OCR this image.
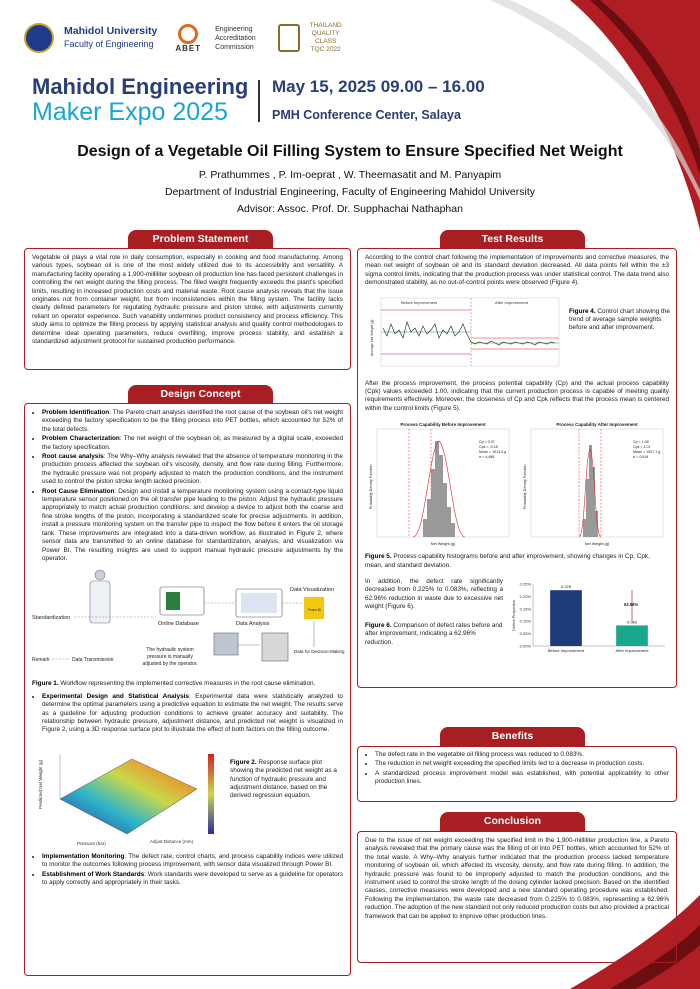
Mahidol University
Faculty of Engineering	ABET
Engineering
Accreditation
Commission
THAILAND
QUALITY
CLASS
TQC 2022
Mahidol Engineering
Maker Expo 2025
May 15, 2025 09.00 – 16.00
PMH Conference Center, Salaya
Design of a Vegetable Oil Filling System to Ensure Specified Net Weight
P. Prathummes , P. Im-oeprat , W. Theemasatit and M. Panyapim
Department of Industrial Engineering, Faculty of Engineering Mahidol University
Advisor: Assoc. Prof. Dr. Supphachai Nathaphan
Problem Statement
Vegetable oil plays a vital role in daily consumption, especially in cooking and food manufacturing. Among various types, soybean oil is one of the most widely utilized due to its accessibility and versatility. A manufacturing facility operating a 1,900-milliliter soybean oil production line has faced persistent challenges in controlling the net weight during the filling process. The filled weight frequently exceeds the plant's specified limits, resulting in increased production costs and material waste. Root cause analysis reveals that the issue originates not from container weight, but from inconsistencies within the filling system. The facility lacks clearly defined parameters for regulating hydraulic pressure and piston stroke, with adjustments currently reliant on operator experience. Such variability undermines product consistency and process efficiency. This study aims to optimize the filling process by applying statistical analysis and quality control methodologies to determine ideal operating parameters, reduce overfilling, improve process stability, and establish a standardized adjustment protocol for sustained production performance.
Design Concept
• Problem Identification: The Pareto chart analysis identified the root cause of the soybean oil's net weight exceeding the factory specification to be the filling process into PET bottles, which accounted for 52% of the total defects.
• Problem Characterization: The net weight of the soybean oil, as measured by a digital scale, exceeded the factory specification.
• Root cause analysis: The Why–Why analysis revealed that the absence of temperature monitoring in the production process affected the soybean oil's viscosity, density, and flow rate during filling. Furthermore, the hydraulic pressure was not properly adjusted to match the production conditions, and the instrument used to control the piston stroke length lacked precision.
• Root Cause Elimination: Design and install a temperature monitoring system using a contact-type liquid temperature sensor positioned on the oil transfer pipe leading to the piston. Adjust the hydraulic pressure appropriately to match actual production conditions, and develop a device to adjust both the coarse and fine stroke lengths of the piston, incorporating a standardized scale for precise adjustments. In addition, install a pressure monitoring system on the transfer pipe to inspect the flow before it enters the oil storage tank. These improvements are integrated into a data-driven workflow, as illustrated in Figure 2, where sensor data are transmitted to an online database for standardization, analysis, and visualization via Power BI. The resulting insights are used to support manual hydraulic pressure adjustments by the operator.
Standardization
Online Database	Data Analysis
Data Visualization
Power BI
Remark	Data Transmission
The hydraulic system
pressure is manually
adjusted by the operator.
Data for Decision-Making
Figure 1. Workflow representing the implemented corrective measures in the root cause elimination.
• Experimental Design and Statistical Analysis: Experimental data were statistically analyzed to determine the optimal parameters using a predictive equation to estimate the net weight. The results serve as a guideline for adjusting production conditions to achieve greater accuracy and suitability. The relationship between hydraulic pressure, adjustment distance, and predicted net weight is visualized in Figure 2, using a 3D response surface plot to illustrate the effect of both factors on the filling outcome.
Pressure (bar)	Adjust Distance (mm)
Predicted Net Weight (g)	Figure 2. Response surface plot showing the predicted net weight as a function of hydraulic pressure and adjustment distance, based on the derived regression equation.
• Implementation Monitoring: The defect rate, control charts, and process capability indices were utilized to monitor the outcomes following process improvement, with sensor data visualized through Power BI.
• Establishment of Work Standards: Work standards were developed to serve as a guideline for operators to apply correctly and appropriately in their tasks.
Test Results
According to the control chart following the implementation of improvements and corrective measures, the mean net weight of soybean oil and its standard deviation decreased. All data points fell within the ±3 sigma control limits, indicating that the production process was under statistical control. The data trend also demonstrated stability, as no out-of-control points were observed (Figure 4).
Before Improvement	After Improvement
Average Net Weight (g)
Figure 4. Control chart showing the trend of average sample weights before and after improvement.
After the process improvement, the process potential capability (Cp) and the actual process capability (Cpk) values exceeded 1.00, indicating that the current production process is capable of meeting quality requirements effectively. Moreover, the closeness of Cp and Cpk reflects that the process mean is centered within the control limits (Figure 5).
Process Capability Before Improvement
Cp = 0.37
Cpk = -0.18
Mean = 1913.6 g
σ = 4.488
Net Weight (g)
Probability Density Function
Process Capability After Improvement
Cp = 1.08
Cpk = 1.01
Mean = 1907.1 g
σ = 0.618
Net Weight (g)
Probability Density Function
Figure 5. Process capability histograms before and after improvement, showing changes in Cp, Cpk, mean, and standard deviation.
In addition, the defect rate significantly decreased from 0.225% to 0.083%, reflecting a 62.96% reduction in waste due to excessive net weight (Figure 6).
Figure 6. Comparison of defect rates before and after improvement, indicating a 62.96% reduction.
0.00%
0.05%
0.10%
0.15%
0.20%
0.25%
Defect Proportion
0.225
Before Improvement
0.083
After Improvement
62.96%
Benefits
• The defect rate in the vegetable oil filling process was reduced to 0.083%.
• The reduction in net weight exceeding the specified limits led to a decrease in production costs.
• A standardized process improvement model was established, with potential applicability to other production lines.
Conclusion
Due to the issue of net weight exceeding the specified limit in the 1,900-milliliter production line, a Pareto analysis revealed that the primary cause was the filling of oil into PET bottles, which accounted for 52% of the total waste. A Why–Why analysis further indicated that the production process lacked temperature monitoring of soybean oil, which affected its viscosity, density, and flow rate during filling. In addition, the hydraulic pressure was found to be improperly adjusted to match the production conditions, and the instrument used to control the stroke length of the dosing cylinder lacked precision. Based on the identified causes, corrective measures were developed and a new standard operating procedure was established. Following the implementation, the waste rate decreased from 0.225% to 0.083%, representing a 62.96% reduction. The adoption of the new standard not only reduced production costs but also provided a practical framework that can be applied to improve other production lines.
